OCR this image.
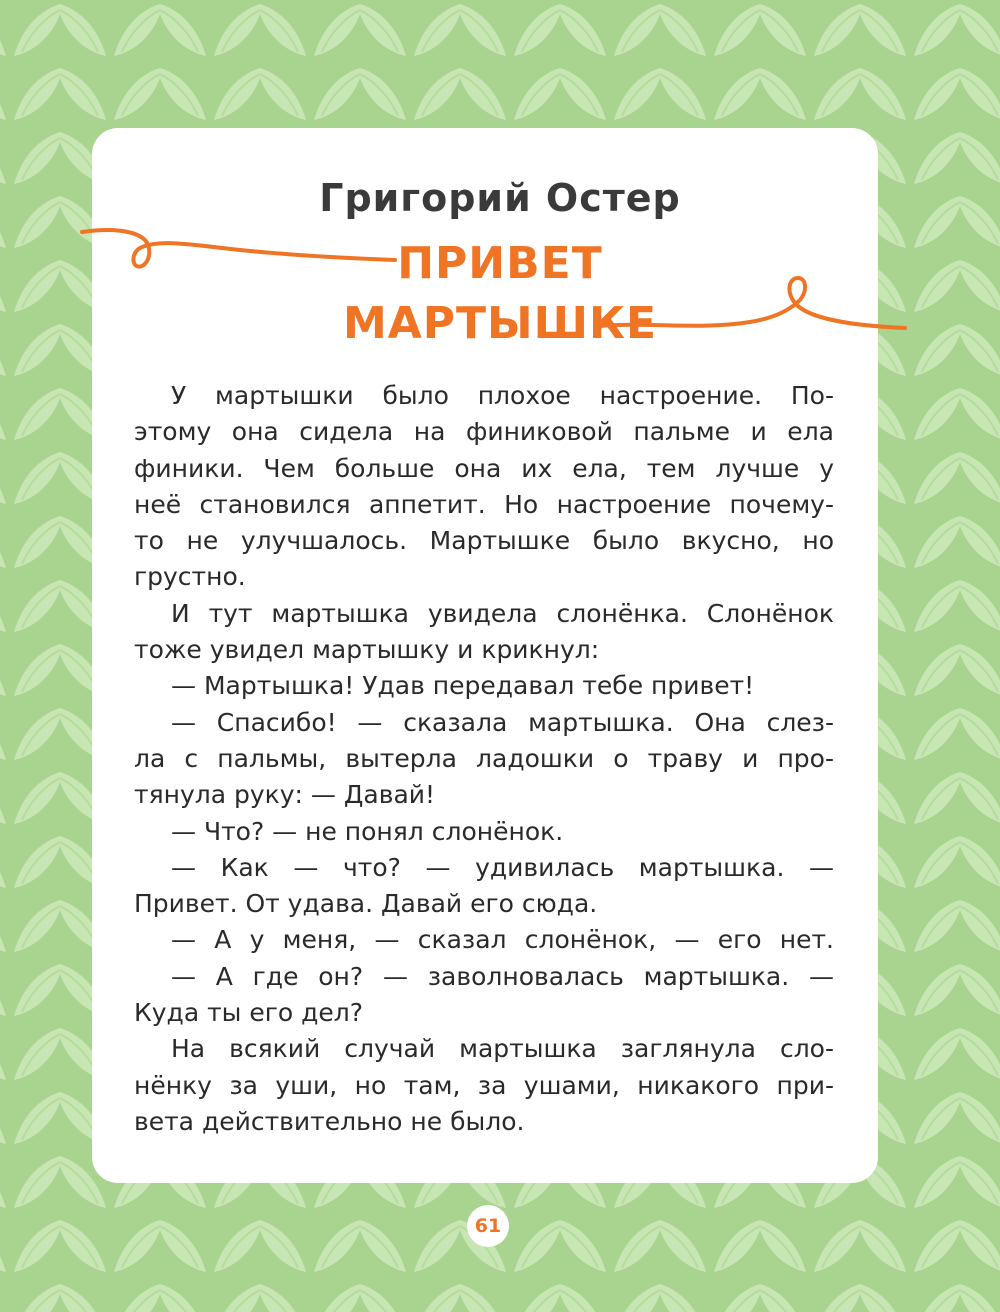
Григорий Остер
ПРИВЕТ
МАРТЫШКЕ
У мартышки было плохое настроение. По-
этому она сидела на финиковой пальме и ела
финики. Чем больше она их ела, тем лучше у
неё становился аппетит. Но настроение почему-
то не улучшалось. Мартышке было вкусно, но
грустно.
И тут мартышка увидела слонёнка. Слонёнок
тоже увидел мартышку и крикнул:
— Мартышка! Удав передавал тебе привет!
— Спасибо! — сказала мартышка. Она слез-
ла с пальмы, вытерла ладошки о траву и про-
тянула руку: — Давай!
— Что? — не понял слонёнок.
— Как — что? — удивилась мартышка. —
Привет. От удава. Давай его сюда.
— А у меня, — сказал слонёнок, — его нет.
— А где он? — заволновалась мартышка. —
Куда ты его дел?
На всякий случай мартышка заглянула сло-
нёнку за уши, но там, за ушами, никакого при-
вета действительно не было.
61
